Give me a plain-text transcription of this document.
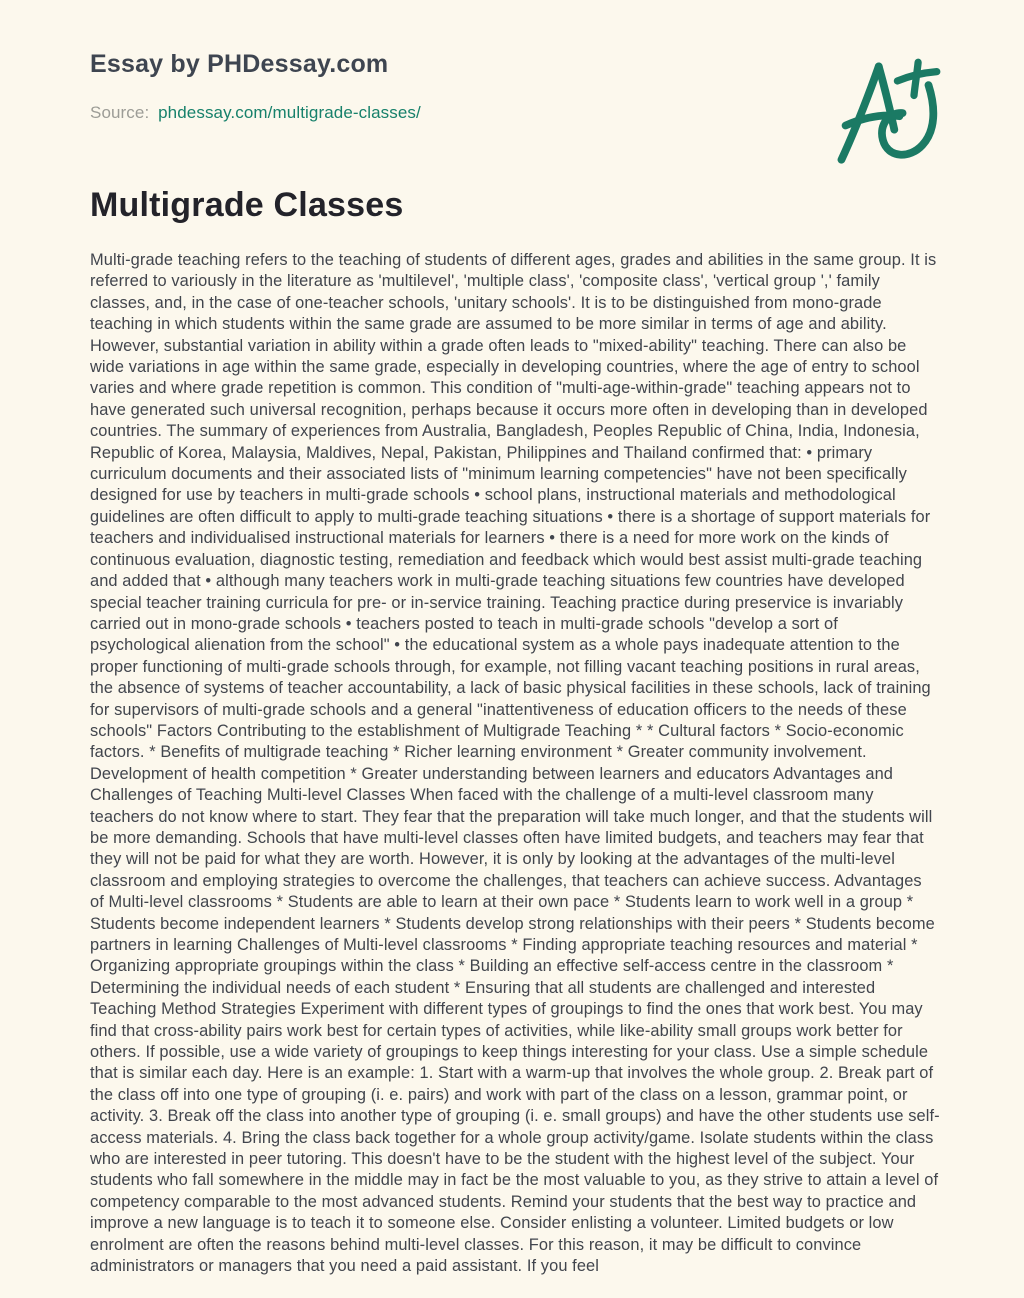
Essay by PHDessay.com

Source: phdessay.com/multigrade-classes/

Multigrade Classes
Multi-grade teaching refers to the teaching of students of different ages, grades and abilities in the same group. It is referred to variously in the literature as 'multilevel', 'multiple class', 'composite class', 'vertical group ',' family classes, and, in the case of one-teacher schools, 'unitary schools'. It is to be distinguished from mono-grade teaching in which students within the same grade are assumed to be more similar in terms of age and ability. However, substantial variation in ability within a grade often leads to "mixed-ability" teaching. There can also be wide variations in age within the same grade, especially in developing countries, where the age of entry to school varies and where grade repetition is common. This condition of "multi-age-within-grade" teaching appears not to have generated such universal recognition, perhaps because it occurs more often in developing than in developed countries. The summary of experiences from Australia, Bangladesh, Peoples Republic of China, India, Indonesia, Republic of Korea, Malaysia, Maldives, Nepal, Pakistan, Philippines and Thailand confirmed that: • primary curriculum documents and their associated lists of "minimum learning competencies" have not been specifically designed for use by teachers in multi-grade schools • school plans, instructional materials and methodological guidelines are often difficult to apply to multi-grade teaching situations • there is a shortage of support materials for teachers and individualised instructional materials for learners • there is a need for more work on the kinds of continuous evaluation, diagnostic testing, remediation and feedback which would best assist multi-grade teaching and added that • although many teachers work in multi-grade teaching situations few countries have developed special teacher training curricula for pre- or in-service training. Teaching practice during preservice is invariably carried out in mono-grade schools • teachers posted to teach in multi-grade schools "develop a sort of psychological alienation from the school" • the educational system as a whole pays inadequate attention to the proper functioning of multi-grade schools through, for example, not filling vacant teaching positions in rural areas, the absence of systems of teacher accountability, a lack of basic physical facilities in these schools, lack of training for supervisors of multi-grade schools and a general "inattentiveness of education officers to the needs of these schools" Factors Contributing to the establishment of Multigrade Teaching * * Cultural factors * Socio-economic factors. * Benefits of multigrade teaching * Richer learning environment * Greater community involvement. Development of health competition * Greater understanding between learners and educators Advantages and Challenges of Teaching Multi-level Classes When faced with the challenge of a multi-level classroom many teachers do not know where to start. They fear that the preparation will take much longer, and that the students will be more demanding. Schools that have multi-level classes often have limited budgets, and teachers may fear that they will not be paid for what they are worth. However, it is only by looking at the advantages of the multi-level classroom and employing strategies to overcome the challenges, that teachers can achieve success. Advantages of Multi-level classrooms * Students are able to learn at their own pace * Students learn to work well in a group * Students become independent learners * Students develop strong relationships with their peers * Students become partners in learning Challenges of Multi-level classrooms * Finding appropriate teaching resources and material * Organizing appropriate groupings within the class * Building an effective self-access centre in the classroom * Determining the individual needs of each student * Ensuring that all students are challenged and interested Teaching Method Strategies Experiment with different types of groupings to find the ones that work best. You may find that cross-ability pairs work best for certain types of activities, while like-ability small groups work better for others. If possible, use a wide variety of groupings to keep things interesting for your class. Use a simple schedule that is similar each day. Here is an example: 1. Start with a warm-up that involves the whole group. 2. Break part of the class off into one type of grouping (i. e. pairs) and work with part of the class on a lesson, grammar point, or activity. 3. Break off the class into another type of grouping (i. e. small groups) and have the other students use self-access materials. 4. Bring the class back together for a whole group activity/game. Isolate students within the class who are interested in peer tutoring. This doesn't have to be the student with the highest level of the subject. Your students who fall somewhere in the middle may in fact be the most valuable to you, as they strive to attain a level of competency comparable to the most advanced students. Remind your students that the best way to practice and improve a new language is to teach it to someone else. Consider enlisting a volunteer. Limited budgets or low enrolment are often the reasons behind multi-level classes. For this reason, it may be difficult to convince administrators or managers that you need a paid assistant. If you feel
